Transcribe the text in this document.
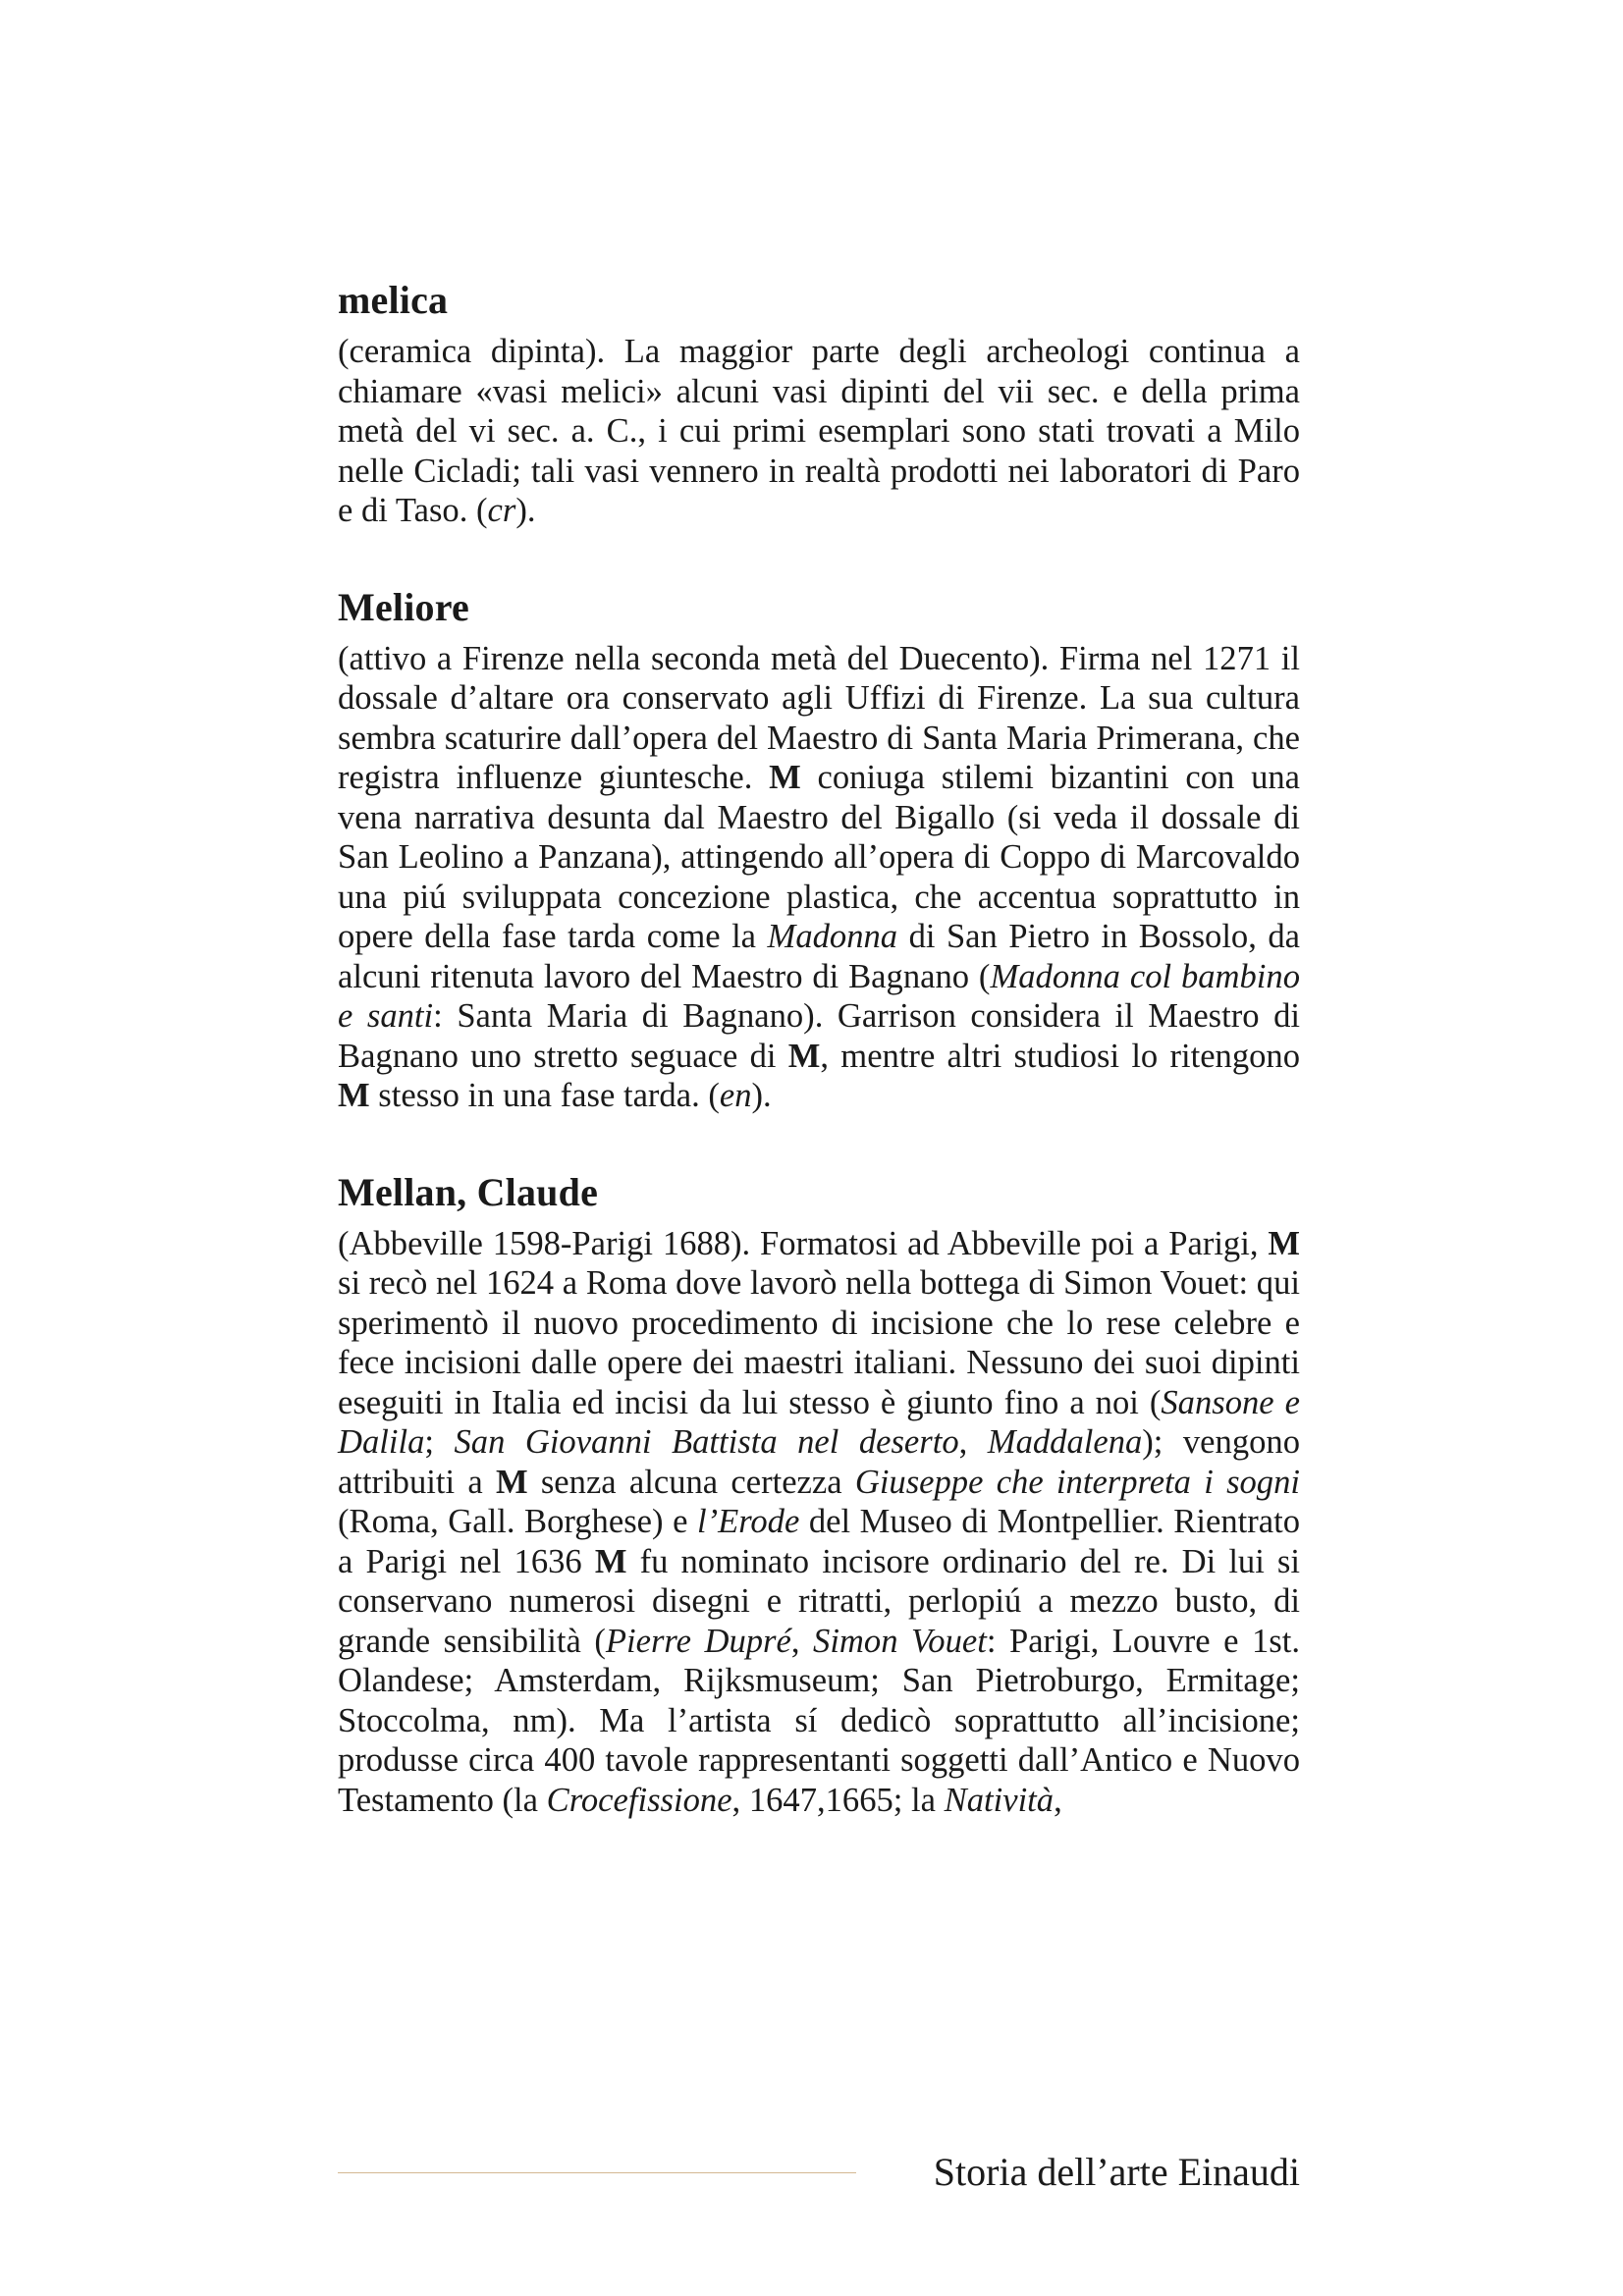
melica

(ceramica dipinta). La maggior parte degli archeologi continua a chiamare «vasi melici» alcuni vasi dipinti del vii sec. e della prima metà del vi sec. a. C., i cui primi esemplari sono stati trovati a Milo nelle Cicladi; tali vasi vennero in realtà prodotti nei laboratori di Paro e di Taso. (cr).

Meliore

(attivo a Firenze nella seconda metà del Duecento). Firma nel 1271 il dossale d’altare ora conservato agli Uffizi di Firenze. La sua cultura sembra scaturire dall’opera del Maestro di Santa Maria Primerana, che registra influenze giuntesche. M coniuga stilemi bizantini con una vena narrativa desunta dal Maestro del Bigallo (si veda il dossale di San Leolino a Panzana), attingendo all’opera di Coppo di Marcovaldo una piú sviluppata concezione plastica, che accentua soprattutto in opere della fase tarda come la Madonna di San Pietro in Bossolo, da alcuni ritenuta lavoro del Maestro di Bagnano (Madonna col bambino e santi: Santa Maria di Bagnano). Garrison considera il Maestro di Bagnano uno stretto seguace di M, mentre altri studiosi lo ritengono M stesso in una fase tarda. (en).

Mellan, Claude

(Abbeville 1598-Parigi 1688). Formatosi ad Abbeville poi a Parigi, M si recò nel 1624 a Roma dove lavorò nella bottega di Simon Vouet: qui sperimentò il nuovo procedimento di incisione che lo rese celebre e fece incisioni dalle opere dei maestri italiani. Nessuno dei suoi dipinti eseguiti in Italia ed incisi da lui stesso è giunto fino a noi (Sansone e Dalila; San Giovanni Battista nel deserto, Maddalena); vengono attribuiti a M senza alcuna certezza Giuseppe che interpreta i sogni (Roma, Gall. Borghese) e l’Erode del Museo di Montpellier. Rientrato a Parigi nel 1636 M fu nominato incisore ordinario del re. Di lui si conservano numerosi disegni e ritratti, perlopiú a mezzo busto, di grande sensibilità (Pierre Dupré, Simon Vouet: Parigi, Louvre e 1st. Olandese; Amsterdam, Rijksmuseum; San Pietroburgo, Ermitage; Stoccolma, nm). Ma l’artista sí dedicò soprattutto all’incisione; produsse circa 400 tavole rappresentanti soggetti dall’Antico e Nuovo Testamento (la Crocefissione, 1647,1665; la Natività,

Storia dell’arte Einaudi
